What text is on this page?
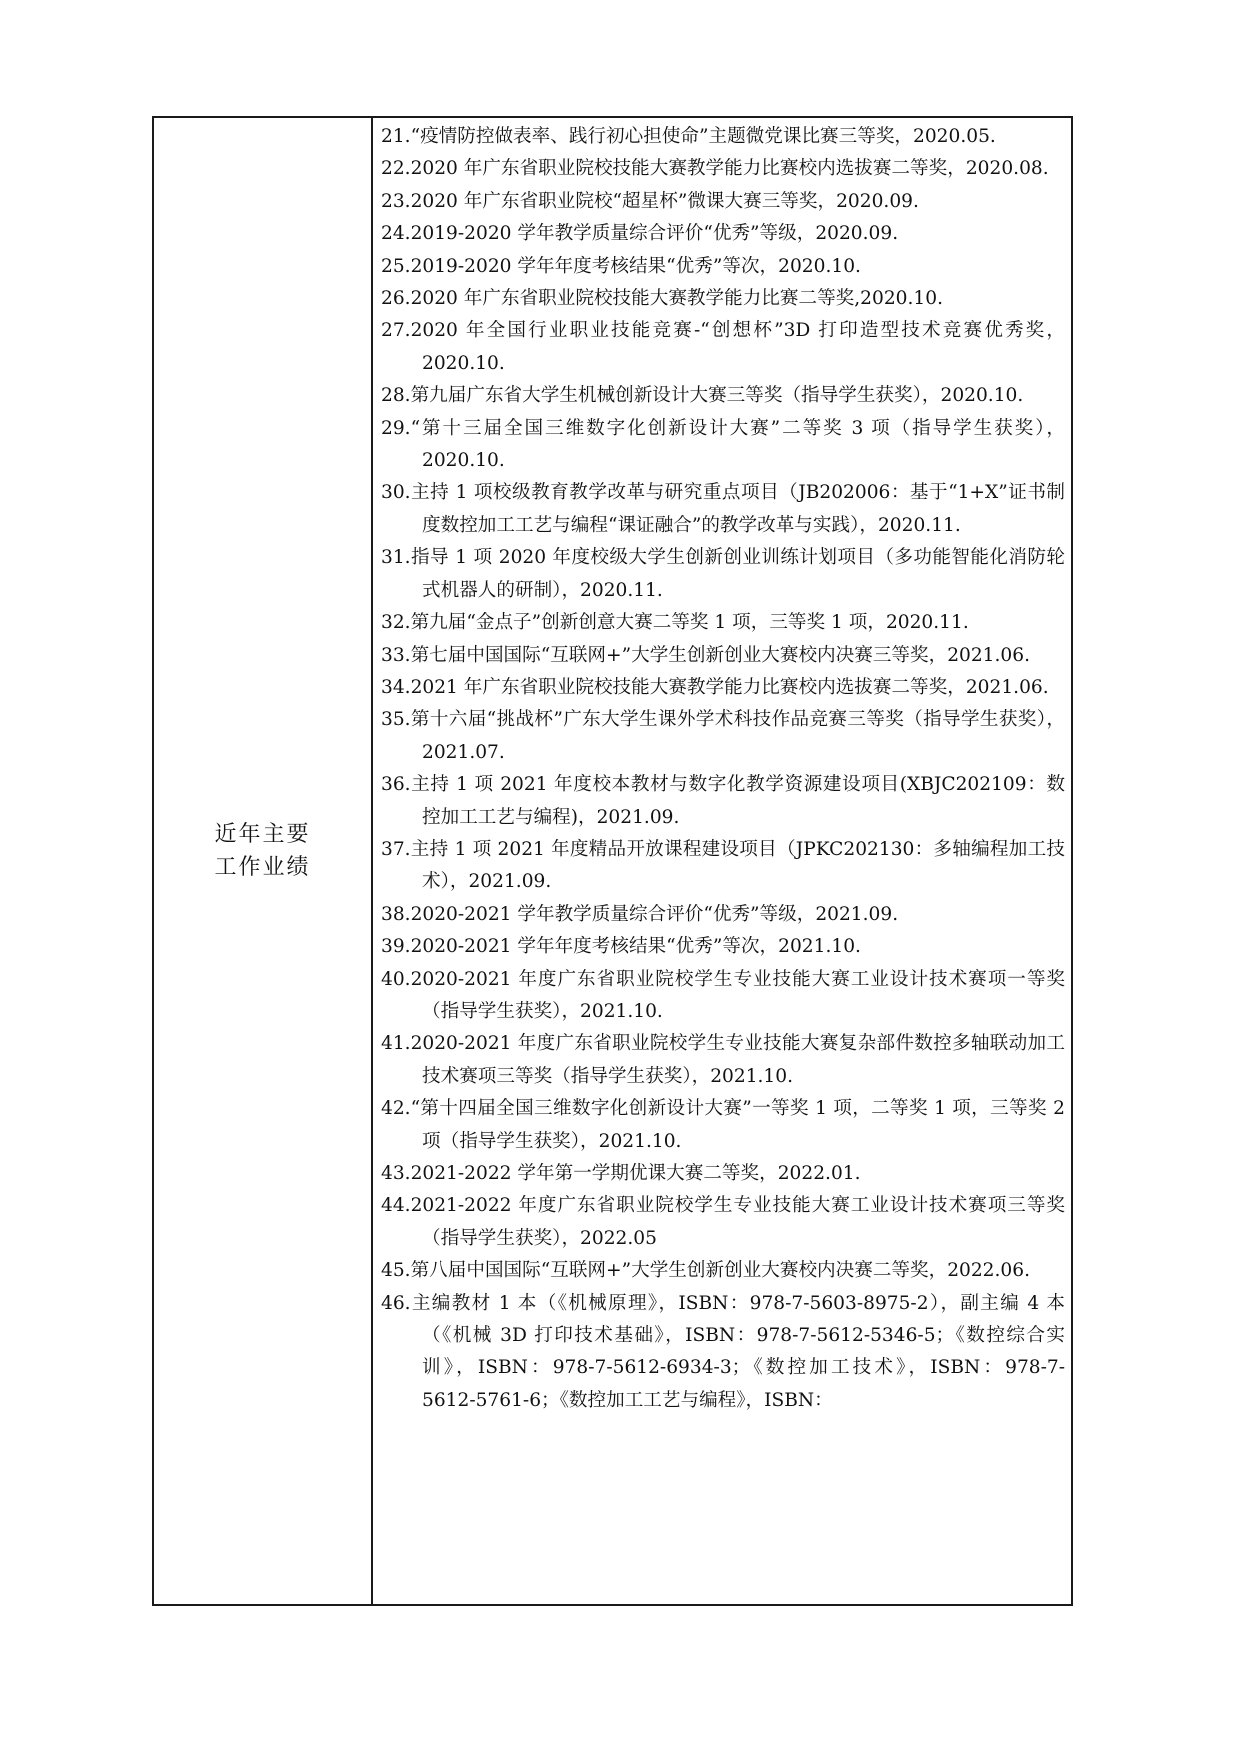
近年主要
工作业绩
21.“疫情防控做表率、践行初心担使命”主题微党课比赛三等奖，2020.05.
22.2020 年广东省职业院校技能大赛教学能力比赛校内选拔赛二等奖，2020.08.
23.2020 年广东省职业院校“超星杯”微课大赛三等奖，2020.09.
24.2019-2020 学年教学质量综合评价“优秀”等级，2020.09.
25.2019-2020 学年年度考核结果“优秀”等次，2020.10.
26.2020 年广东省职业院校技能大赛教学能力比赛二等奖,2020.10.
27.2020 年全国行业职业技能竞赛-“创想杯”3D 打印造型技术竞赛优秀奖，2020.10.
28.第九届广东省大学生机械创新设计大赛三等奖（指导学生获奖），2020.10.
29.“第十三届全国三维数字化创新设计大赛”二等奖 3 项（指导学生获奖），2020.10.
30.主持 1 项校级教育教学改革与研究重点项目（JB202006：基于“1+X”证书制度数控加工工艺与编程“课证融合”的教学改革与实践），2020.11.
31.指导 1 项 2020 年度校级大学生创新创业训练计划项目（多功能智能化消防轮式机器人的研制），2020.11.
32.第九届“金点子”创新创意大赛二等奖 1 项，三等奖 1 项，2020.11.
33.第七届中国国际“互联网+”大学生创新创业大赛校内决赛三等奖，2021.06.
34.2021 年广东省职业院校技能大赛教学能力比赛校内选拔赛二等奖，2021.06.
35.第十六届“挑战杯”广东大学生课外学术科技作品竞赛三等奖（指导学生获奖），2021.07.
36.主持 1 项 2021 年度校本教材与数字化教学资源建设项目(XBJC202109：数控加工工艺与编程)，2021.09.
37.主持 1 项 2021 年度精品开放课程建设项目（JPKC202130：多轴编程加工技术），2021.09.
38.2020-2021 学年教学质量综合评价“优秀”等级，2021.09.
39.2020-2021 学年年度考核结果“优秀”等次，2021.10.
40.2020-2021 年度广东省职业院校学生专业技能大赛工业设计技术赛项一等奖（指导学生获奖），2021.10.
41.2020-2021 年度广东省职业院校学生专业技能大赛复杂部件数控多轴联动加工技术赛项三等奖（指导学生获奖），2021.10.
42.“第十四届全国三维数字化创新设计大赛”一等奖 1 项，二等奖 1 项，三等奖 2 项（指导学生获奖），2021.10.
43.2021-2022 学年第一学期优课大赛二等奖，2022.01.
44.2021-2022 年度广东省职业院校学生专业技能大赛工业设计技术赛项三等奖（指导学生获奖），2022.05
45.第八届中国国际“互联网+”大学生创新创业大赛校内决赛二等奖，2022.06.
46.主编教材 1 本（《机械原理》，ISBN：978-7-5603-8975-2），副主编 4 本（《机械 3D 打印技术基础》，ISBN：978-7-5612-5346-5；《数控综合实训》，ISBN：978-7-5612-6934-3；《数控加工技术》，ISBN：978-7-5612-5761-6；《数控加工工艺与编程》，ISBN：
